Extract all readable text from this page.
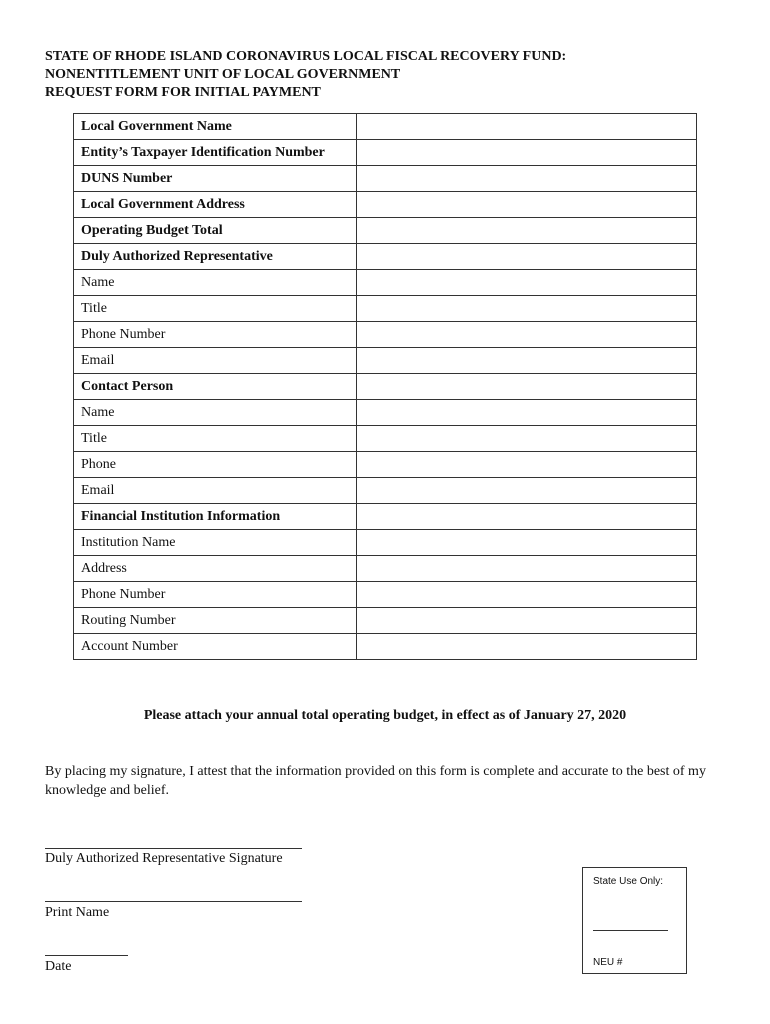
STATE OF RHODE ISLAND CORONAVIRUS LOCAL FISCAL RECOVERY FUND:
NONENTITLEMENT UNIT OF LOCAL GOVERNMENT
REQUEST FORM FOR INITIAL PAYMENT
Local Government Name	
Entity’s Taxpayer Identification Number	
DUNS Number	
Local Government Address	
Operating Budget Total	
Duly Authorized Representative	
Name	
Title	
Phone Number	
Email	
Contact Person	
Name	
Title	
Phone	
Email	
Financial Institution Information	
Institution Name	
Address	
Phone Number	
Routing Number	
Account Number	
Please attach your annual total operating budget, in effect as of January 27, 2020
By placing my signature, I attest that the information provided on this form is complete and accurate to the best of my knowledge and belief.
Duly Authorized Representative Signature
Print Name
Date
State Use Only:
NEU #
